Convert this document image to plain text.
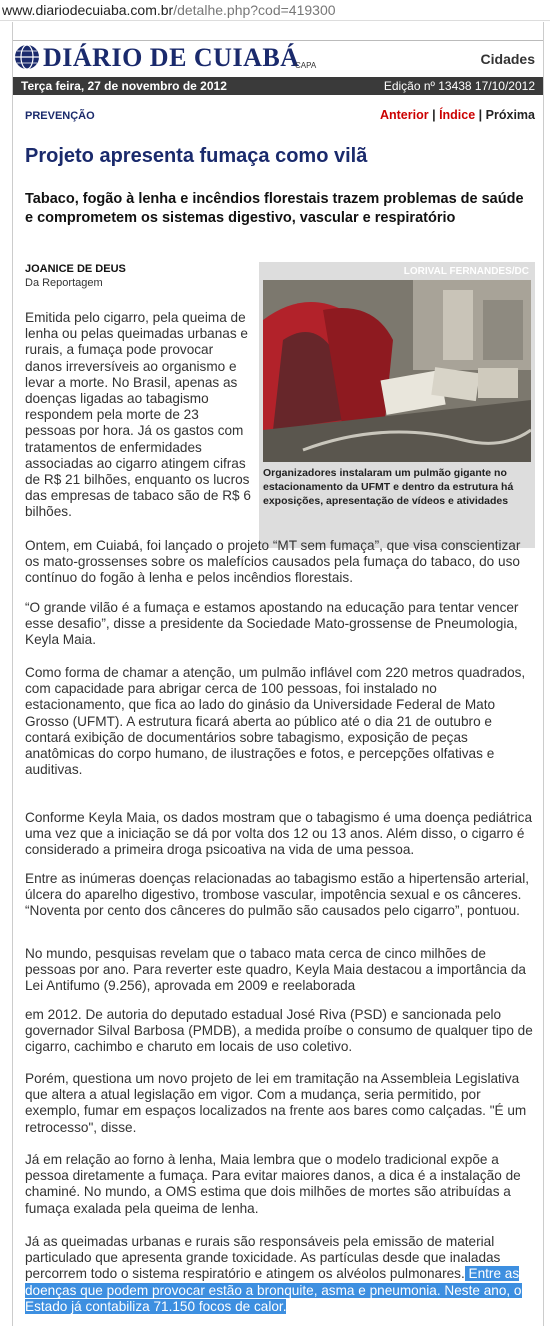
www.diariodecuiaba.com.br/detalhe.php?cod=419300
DIÁRIO DE CUIABÁ
CAPA	Cidades
Terça feira, 27 de novembro de 2012	Edição nº 13438 17/10/2012
PREVENÇÃO	Anterior | Índice | Próxima
Projeto apresenta fumaça como vilã
Tabaco, fogão à lenha e incêndios florestais trazem problemas de saúde e comprometem os sistemas digestivo, vascular e respiratório
JOANICE DE DEUS
Da Reportagem
LORIVAL FERNANDES/DC
Organizadores instalaram um pulmão gigante no estacionamento da UFMT e dentro da estrutura há exposições, apresentação de vídeos e atividades

Emitida pelo cigarro, pela queima de lenha ou pelas queimadas urbanas e rurais, a fumaça pode provocar danos irreversíveis ao organismo e levar a morte. No Brasil, apenas as doenças ligadas ao tabagismo respondem pela morte de 23 pessoas por hora. Já os gastos com tratamentos de enfermidades associadas ao cigarro atingem cifras de R$ 21 bilhões, enquanto os lucros das empresas de tabaco são de R$ 6 bilhões.

Ontem, em Cuiabá, foi lançado o projeto “MT sem fumaça”, que visa conscientizar os mato-grossenses sobre os malefícios causados pela fumaça do tabaco, do uso contínuo do fogão à lenha e pelos incêndios florestais.

“O grande vilão é a fumaça e estamos apostando na educação para tentar vencer esse desafio”, disse a presidente da Sociedade Mato-grossense de Pneumologia, Keyla Maia.

Como forma de chamar a atenção, um pulmão inflável com 220 metros quadrados, com capacidade para abrigar cerca de 100 pessoas, foi instalado no estacionamento, que fica ao lado do ginásio da Universidade Federal de Mato Grosso (UFMT). A estrutura ficará aberta ao público até o dia 21 de outubro e contará exibição de documentários sobre tabagismo, exposição de peças anatômicas do corpo humano, de ilustrações e fotos, e percepções olfativas e auditivas.

Conforme Keyla Maia, os dados mostram que o tabagismo é uma doença pediátrica uma vez que a iniciação se dá por volta dos 12 ou 13 anos. Além disso, o cigarro é considerado a primeira droga psicoativa na vida de uma pessoa.

Entre as inúmeras doenças relacionadas ao tabagismo estão a hipertensão arterial, úlcera do aparelho digestivo, trombose vascular, impotência sexual e os cânceres. “Noventa por cento dos cânceres do pulmão são causados pelo cigarro”, pontuou.

No mundo, pesquisas revelam que o tabaco mata cerca de cinco milhões de pessoas por ano. Para reverter este quadro, Keyla Maia destacou a importância da Lei Antifumo (9.256), aprovada em 2009 e reelaborada

em 2012. De autoria do deputado estadual José Riva (PSD) e sancionada pelo governador Silval Barbosa (PMDB), a medida proíbe o consumo de qualquer tipo de cigarro, cachimbo e charuto em locais de uso coletivo.

Porém, questiona um novo projeto de lei em tramitação na Assembleia Legislativa que altera a atual legislação em vigor. Com a mudança, seria permitido, por exemplo, fumar em espaços localizados na frente aos bares como calçadas. "É um retrocesso", disse.

Já em relação ao forno à lenha, Maia lembra que o modelo tradicional expõe a pessoa diretamente a fumaça. Para evitar maiores danos, a dica é a instalação de chaminé. No mundo, a OMS estima que dois milhões de mortes são atribuídas a fumaça exalada pela queima de lenha.

Já as queimadas urbanas e rurais são responsáveis pela emissão de material particulado que apresenta grande toxicidade. As partículas desde que inaladas percorrem todo o sistema respiratório e atingem os alvéolos pulmonares. Entre as doenças que podem provocar estão a bronquite, asma e pneumonia. Neste ano, o Estado já contabiliza 71.150 focos de calor.
